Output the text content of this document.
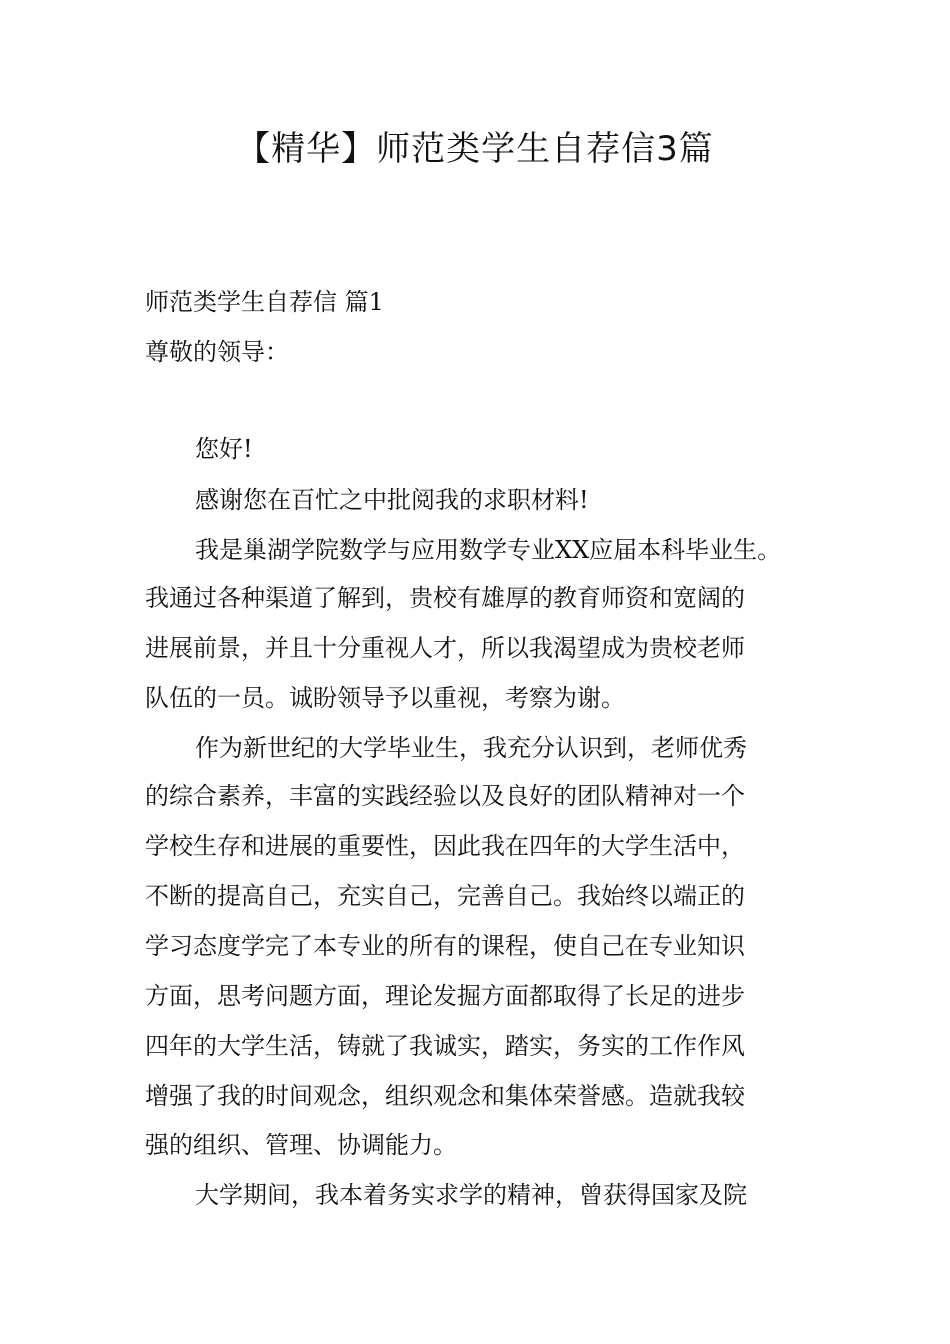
【精华】师范类学生自荐信3篇

师范类学生自荐信 篇1

尊敬的领导：

您好!

感谢您在百忙之中批阅我的求职材料!

我是巢湖学院数学与应用数学专业XX应届本科毕业生。

我通过各种渠道了解到，贵校有雄厚的教育师资和宽阔的

进展前景，并且十分重视人才，所以我渴望成为贵校老师

队伍的一员。诚盼领导予以重视，考察为谢。

作为新世纪的大学毕业生，我充分认识到，老师优秀

的综合素养，丰富的实践经验以及良好的团队精神对一个

学校生存和进展的重要性，因此我在四年的大学生活中，

不断的提高自己，充实自己，完善自己。我始终以端正的

学习态度学完了本专业的所有的课程，使自己在专业知识

方面，思考问题方面，理论发掘方面都取得了长足的进步

四年的大学生活，铸就了我诚实，踏实，务实的工作作风

增强了我的时间观念，组织观念和集体荣誉感。造就我较

强的组织、管理、协调能力。

大学期间，我本着务实求学的精神，曾获得国家及院
